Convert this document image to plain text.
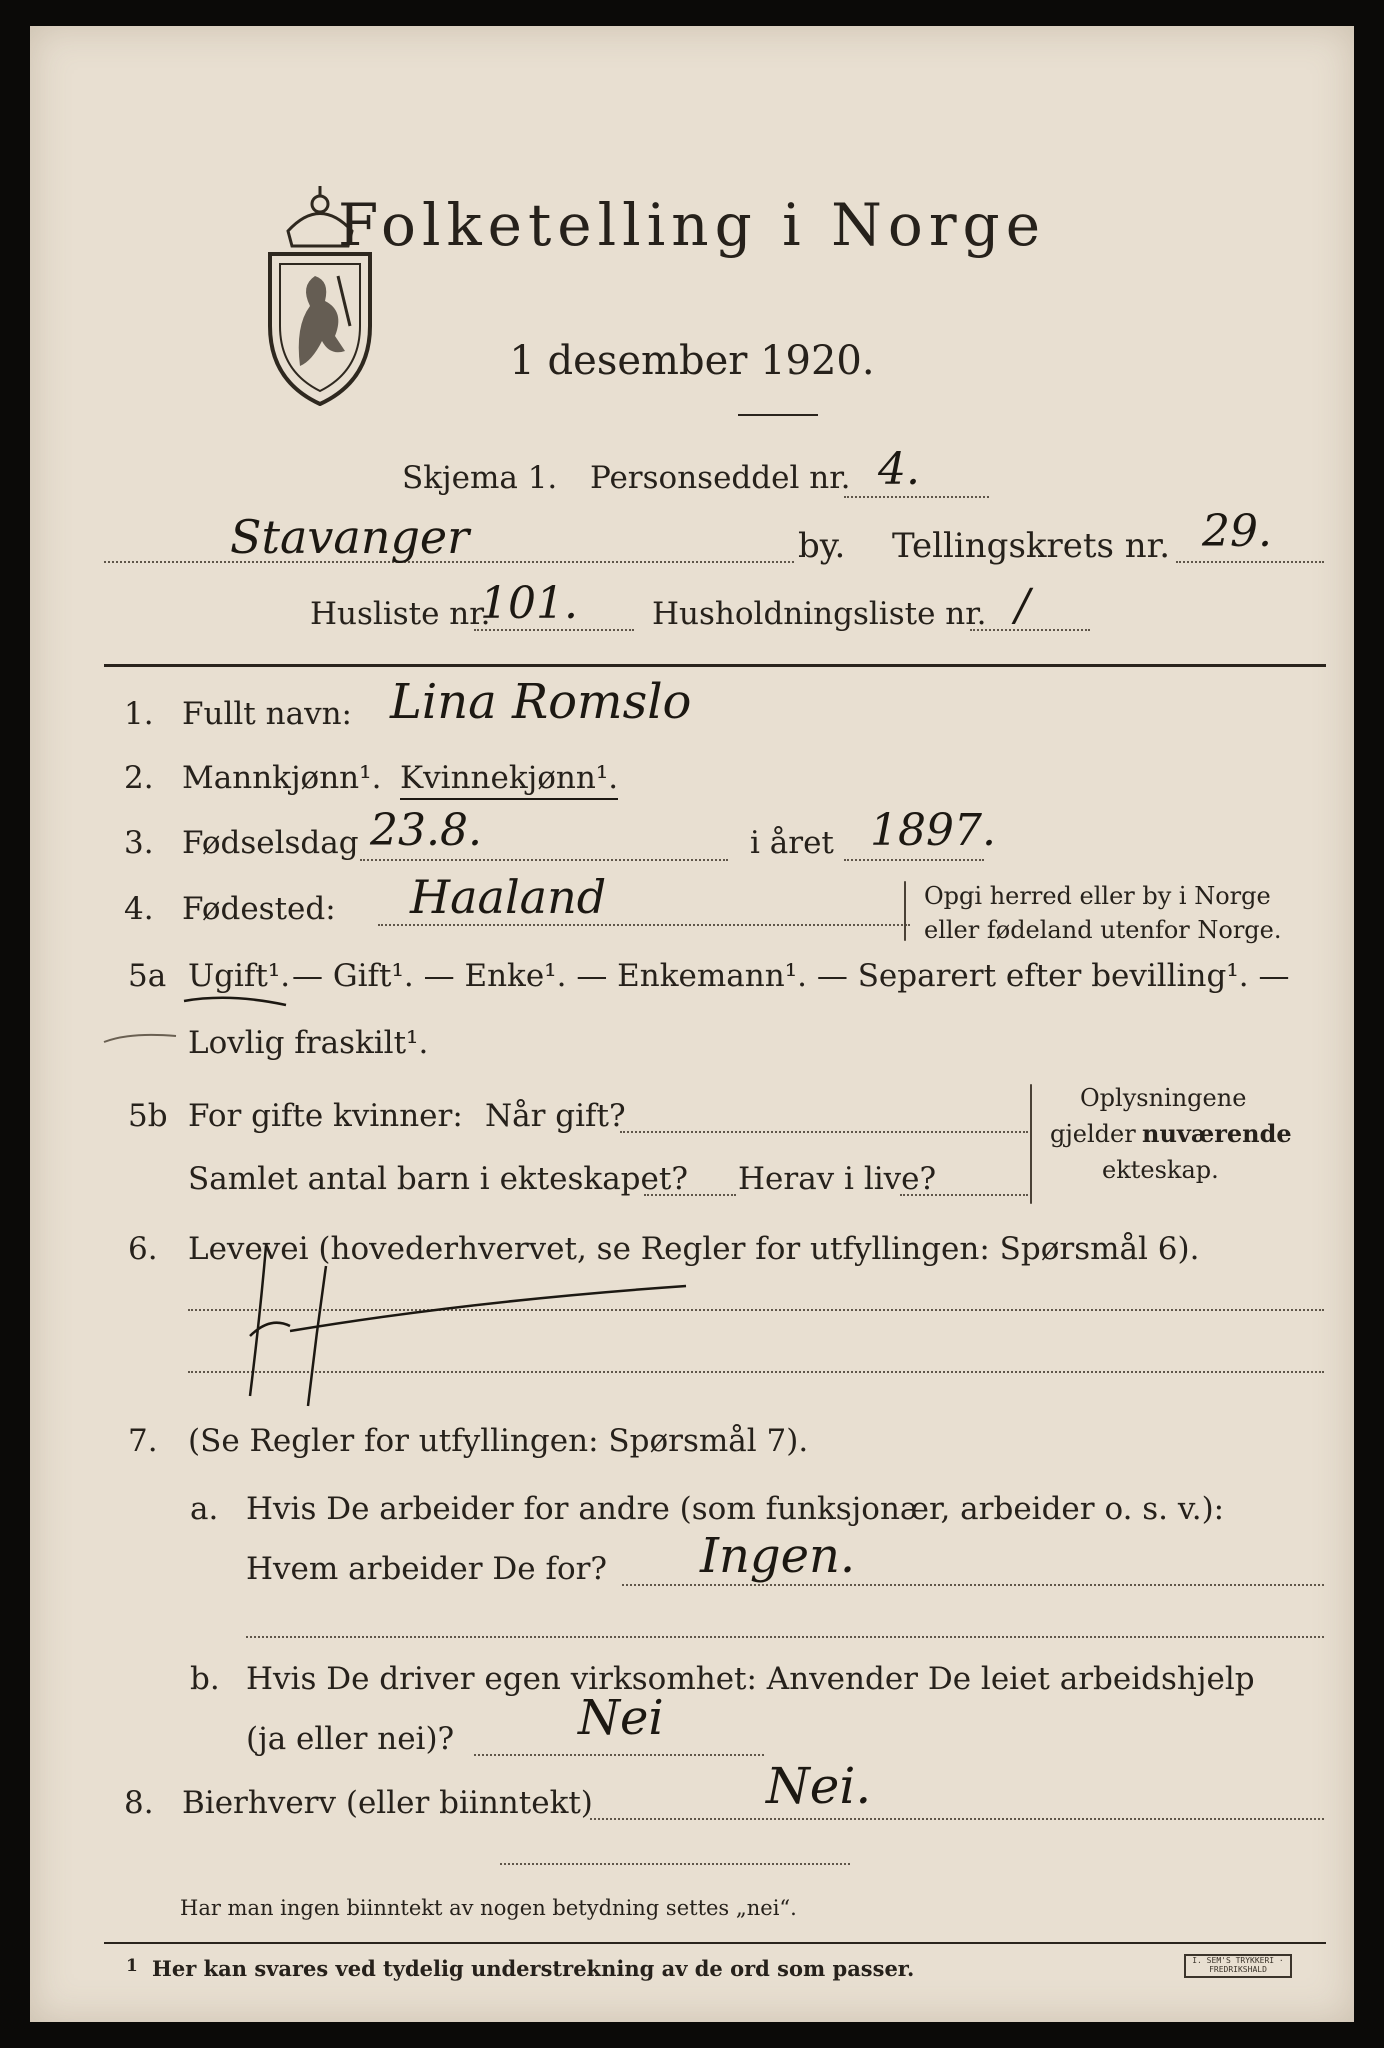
Folketelling i Norge
1 desember 1920.
Skjema 1. Personseddel nr. 4.
Stavanger	by. Tellingskrets nr. 29.
Husliste nr.
101. Husholdningsliste nr. /
1. Fullt navn: Lina Romslo
2. Mannkjønn¹. Kvinnekjønn¹.
3. Fødselsdag 23.8.	i året 1897.
4. Fødested: Haaland	Opgi herred eller by i Norge
eller fødeland utenfor Norge.
5a Ugift¹. — Gift¹. — Enke¹. — Enkemann¹. — Separert efter bevilling¹. —
Lovlig fraskilt¹.
5b For gifte kvinner: Når gift?
Samlet antal barn i ekteskapet? Herav i live?
Oplysningene
gjelder nuværende
ekteskap.
6. Levevei (hovederhvervet, se Regler for utfyllingen: Spørsmål 6).
7. (Se Regler for utfyllingen: Spørsmål 7).
a. Hvis De arbeider for andre (som funksjonær, arbeider o. s. v.):
Hvem arbeider De for? Ingen.
b. Hvis De driver egen virksomhet: Anvender De leiet arbeidshjelp
(ja eller nei)?	Nei
8. Bierhverv (eller biinntekt)	Nei.
Har man ingen biinntekt av nogen betydning settes „nei“.
1 Her kan svares ved tydelig understrekning av de ord som passer.	I. SEM'S TRYKKERI · FREDRIKSHALD
